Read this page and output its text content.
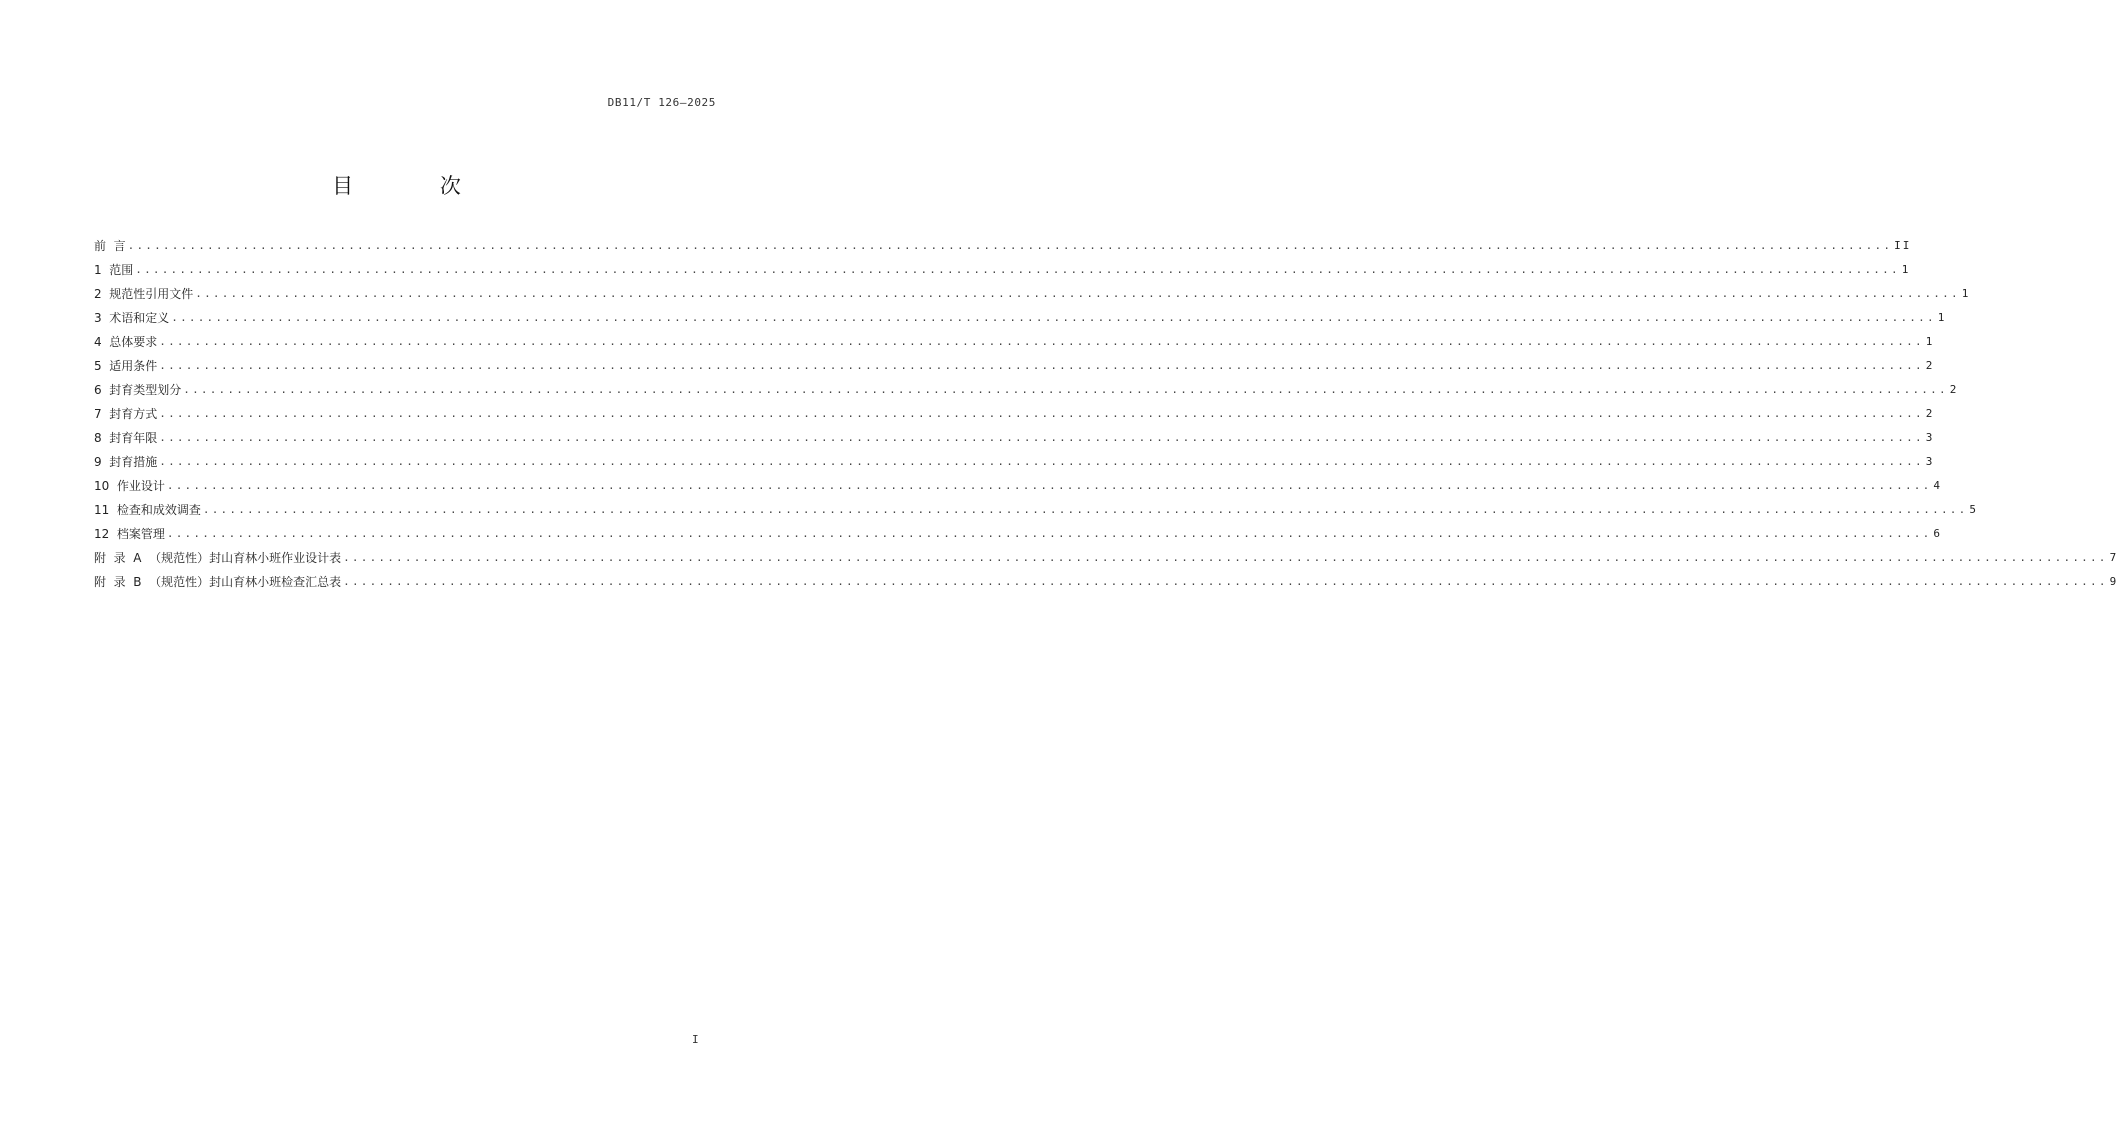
DB11/T 126—2025
目 次
前  言 ........................................................................................................................................................................................................ II
1  范围 ........................................................................................................................................................................................................ 1
2  规范性引用文件 ........................................................................................................................................................................................................ 1
3  术语和定义 ........................................................................................................................................................................................................ 1
4  总体要求 ........................................................................................................................................................................................................ 1
5  适用条件 ........................................................................................................................................................................................................ 2
6  封育类型划分 ........................................................................................................................................................................................................ 2
7  封育方式 ........................................................................................................................................................................................................ 2
8  封育年限 ........................................................................................................................................................................................................ 3
9  封育措施 ........................................................................................................................................................................................................ 3
10  作业设计 ........................................................................................................................................................................................................ 4
11  检查和成效调查 ........................................................................................................................................................................................................ 5
12  档案管理 ........................................................................................................................................................................................................ 6
附  录  A  （规范性）封山育林小班作业设计表 ........................................................................................................................................................................................................ 7
附  录  B  （规范性）封山育林小班检查汇总表 ........................................................................................................................................................................................................ 9
I
